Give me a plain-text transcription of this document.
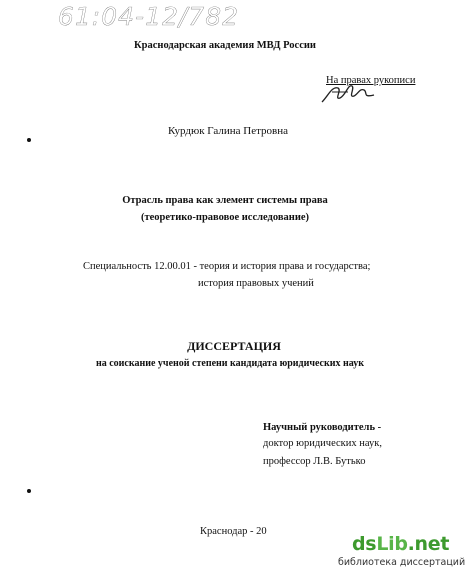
61:04-12/782
Краснодарская академия МВД России
На правах рукописи
Курдюк Галина Петровна
Отрасль права как элемент системы права
(теоретико-правовое исследование)
Специальность 12.00.01 - теория и история права и государства;
история правовых учений
ДИССЕРТАЦИЯ
на соискание ученой степени кандидата юридических наук
Научный руководитель -
доктор юридических наук,
профессор Л.В. Бутько
Краснодар - 20
dsLib.net
библиотека диссертаций
